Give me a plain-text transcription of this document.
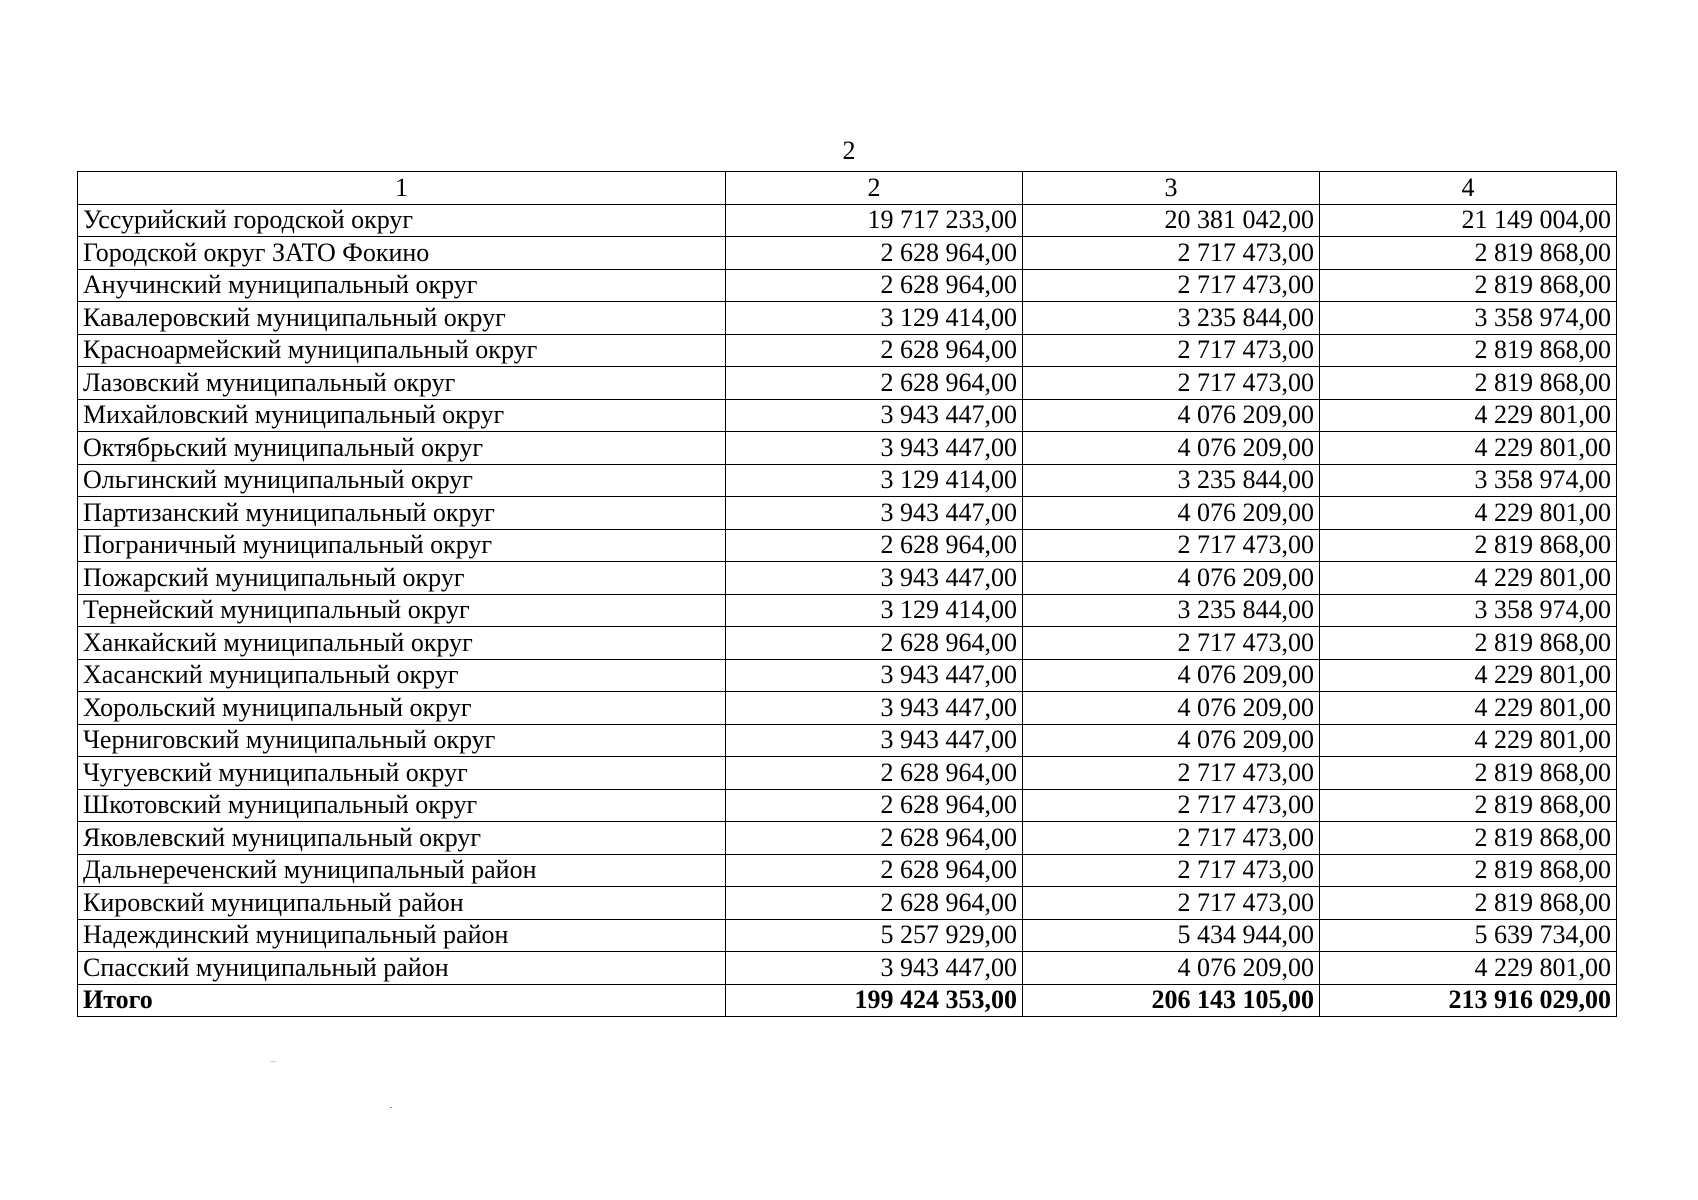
2
1	2	3	4
Уссурийский городской округ	19 717 233,00	20 381 042,00	21 149 004,00
Городской округ ЗАТО Фокино	2 628 964,00	2 717 473,00	2 819 868,00
Анучинский муниципальный округ	2 628 964,00	2 717 473,00	2 819 868,00
Кавалеровский муниципальный округ	3 129 414,00	3 235 844,00	3 358 974,00
Красноармейский муниципальный округ	2 628 964,00	2 717 473,00	2 819 868,00
Лазовский муниципальный округ	2 628 964,00	2 717 473,00	2 819 868,00
Михайловский муниципальный округ	3 943 447,00	4 076 209,00	4 229 801,00
Октябрьский муниципальный округ	3 943 447,00	4 076 209,00	4 229 801,00
Ольгинский муниципальный округ	3 129 414,00	3 235 844,00	3 358 974,00
Партизанский муниципальный округ	3 943 447,00	4 076 209,00	4 229 801,00
Пограничный муниципальный округ	2 628 964,00	2 717 473,00	2 819 868,00
Пожарский муниципальный округ	3 943 447,00	4 076 209,00	4 229 801,00
Тернейский муниципальный округ	3 129 414,00	3 235 844,00	3 358 974,00
Ханкайский муниципальный округ	2 628 964,00	2 717 473,00	2 819 868,00
Хасанский муниципальный округ	3 943 447,00	4 076 209,00	4 229 801,00
Хорольский муниципальный округ	3 943 447,00	4 076 209,00	4 229 801,00
Черниговский муниципальный округ	3 943 447,00	4 076 209,00	4 229 801,00
Чугуевский муниципальный округ	2 628 964,00	2 717 473,00	2 819 868,00
Шкотовский муниципальный округ	2 628 964,00	2 717 473,00	2 819 868,00
Яковлевский муниципальный округ	2 628 964,00	2 717 473,00	2 819 868,00
Дальнереченский муниципальный район	2 628 964,00	2 717 473,00	2 819 868,00
Кировский муниципальный район	2 628 964,00	2 717 473,00	2 819 868,00
Надеждинский муниципальный район	5 257 929,00	5 434 944,00	5 639 734,00
Спасский муниципальный район	3 943 447,00	4 076 209,00	4 229 801,00
Итого	199 424 353,00	206 143 105,00	213 916 029,00
